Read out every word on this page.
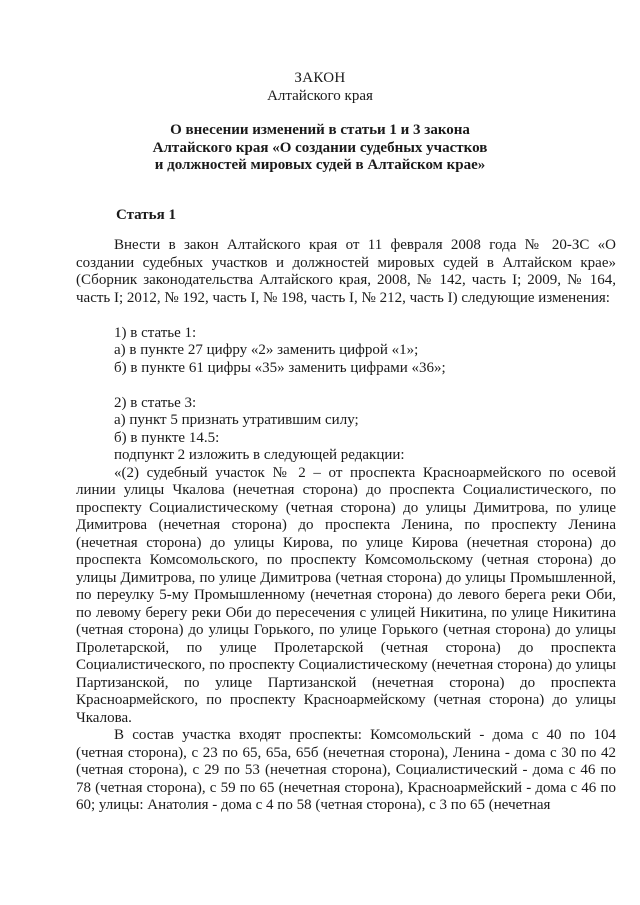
ЗАКОН
Алтайского края
О внесении изменений в статьи 1 и 3 закона Алтайского края «О создании судебных участков и должностей мировых судей в Алтайском крае»
Статья 1

Внести в закон Алтайского края от 11 февраля 2008 года № 20-ЗС «О создании судебных участков и должностей мировых судей в Алтайском крае» (Сборник законодательства Алтайского края, 2008, № 142, часть I; 2009, № 164, часть I; 2012, № 192, часть I, № 198, часть I, № 212, часть I) следующие изменения:

1) в статье 1:

а) в пункте 27 цифру «2» заменить цифрой «1»;

б) в пункте 61 цифры «35» заменить цифрами «36»;

2) в статье 3:

а) пункт 5 признать утратившим силу;

б) в пункте 14.5:

подпункт 2 изложить в следующей редакции:

«(2) судебный участок № 2 – от проспекта Красноармейского по осевой линии улицы Чкалова (нечетная сторона) до проспекта Социалистического, по проспекту Социалистическому (четная сторона) до улицы Димитрова, по улице Димитрова (нечетная сторона) до проспекта Ленина, по проспекту Ленина (нечетная сторона) до улицы Кирова, по улице Кирова (нечетная сторона) до проспекта Комсомольского, по проспекту Комсомольскому (четная сторона) до улицы Димитрова, по улице Димитрова (четная сторона) до улицы Промышленной, по переулку 5-му Промышленному (нечетная сторона) до левого берега реки Оби, по левому берегу реки Оби до пересечения с улицей Никитина, по улице Никитина (четная сторона) до улицы Горького, по улице Горького (четная сторона) до улицы Пролетарской, по улице Пролетарской (четная сторона) до проспекта Социалистического, по проспекту Социалистическому (нечетная сторона) до улицы Партизанской, по улице Партизанской (нечетная сторона) до проспекта Красноармейского, по проспекту Красноармейскому (четная сторона) до улицы Чкалова.

В состав участка входят проспекты: Комсомольский - дома с 40 по 104 (четная сторона), с 23 по 65, 65а, 65б (нечетная сторона), Ленина - дома с 30 по 42 (четная сторона), с 29 по 53 (нечетная сторона), Социалистический - дома с 46 по 78 (четная сторона), с 59 по 65 (нечетная сторона), Красноармейский - дома с 46 по 60; улицы: Анатолия - дома с 4 по 58 (четная сторона), с 3 по 65 (нечетная
